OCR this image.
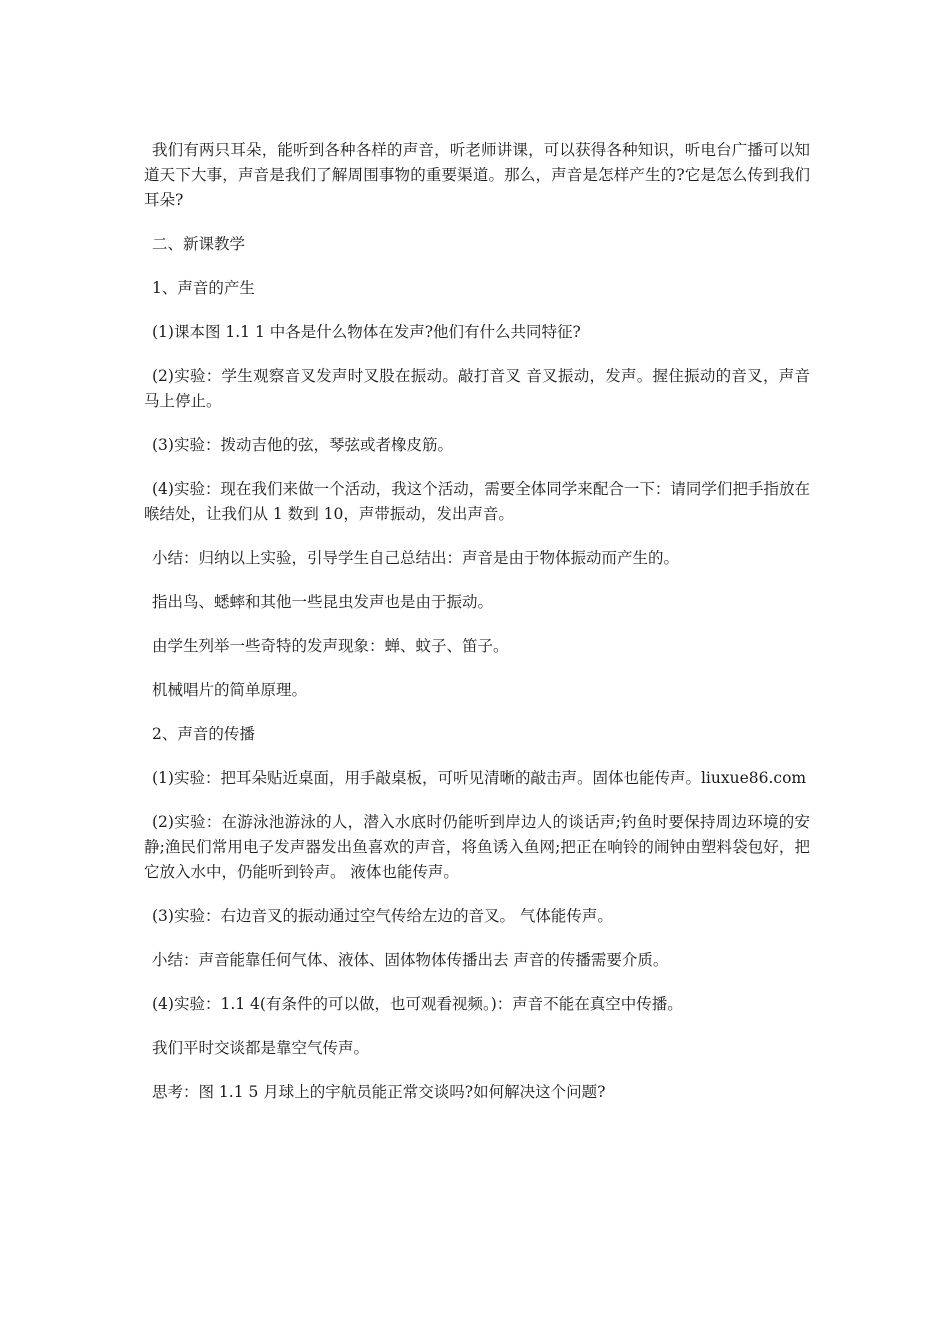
我们有两只耳朵，能听到各种各样的声音，听老师讲课，可以获得各种知识，听电台广播可以知道天下大事，声音是我们了解周围事物的重要渠道。那么，声音是怎样产生的?它是怎么传到我们耳朵?

二、新课教学

1、声音的产生

(1)课本图 1.1 1 中各是什么物体在发声?他们有什么共同特征?

(2)实验：学生观察音叉发声时叉股在振动。敲打音叉 音叉振动，发声。握住振动的音叉，声音马上停止。

(3)实验：拨动吉他的弦，琴弦或者橡皮筋。

(4)实验：现在我们来做一个活动，我这个活动，需要全体同学来配合一下：请同学们把手指放在喉结处，让我们从 1 数到 10，声带振动，发出声音。

小结：归纳以上实验，引导学生自己总结出：声音是由于物体振动而产生的。

指出鸟、蟋蟀和其他一些昆虫发声也是由于振动。

由学生列举一些奇特的发声现象：蝉、蚊子、笛子。

机械唱片的简单原理。

2、声音的传播

(1)实验：把耳朵贴近桌面，用手敲桌板，可听见清晰的敲击声。固体也能传声。liuxue86.com

(2)实验：在游泳池游泳的人，潜入水底时仍能听到岸边人的谈话声;钓鱼时要保持周边环境的安静;渔民们常用电子发声器发出鱼喜欢的声音，将鱼诱入鱼网;把正在响铃的闹钟由塑料袋包好，把它放入水中，仍能听到铃声。 液体也能传声。

(3)实验：右边音叉的振动通过空气传给左边的音叉。 气体能传声。

小结：声音能靠任何气体、液体、固体物体传播出去 声音的传播需要介质。

(4)实验：1.1 4(有条件的可以做，也可观看视频。)：声音不能在真空中传播。

我们平时交谈都是靠空气传声。

思考：图 1.1 5 月球上的宇航员能正常交谈吗?如何解决这个问题?
